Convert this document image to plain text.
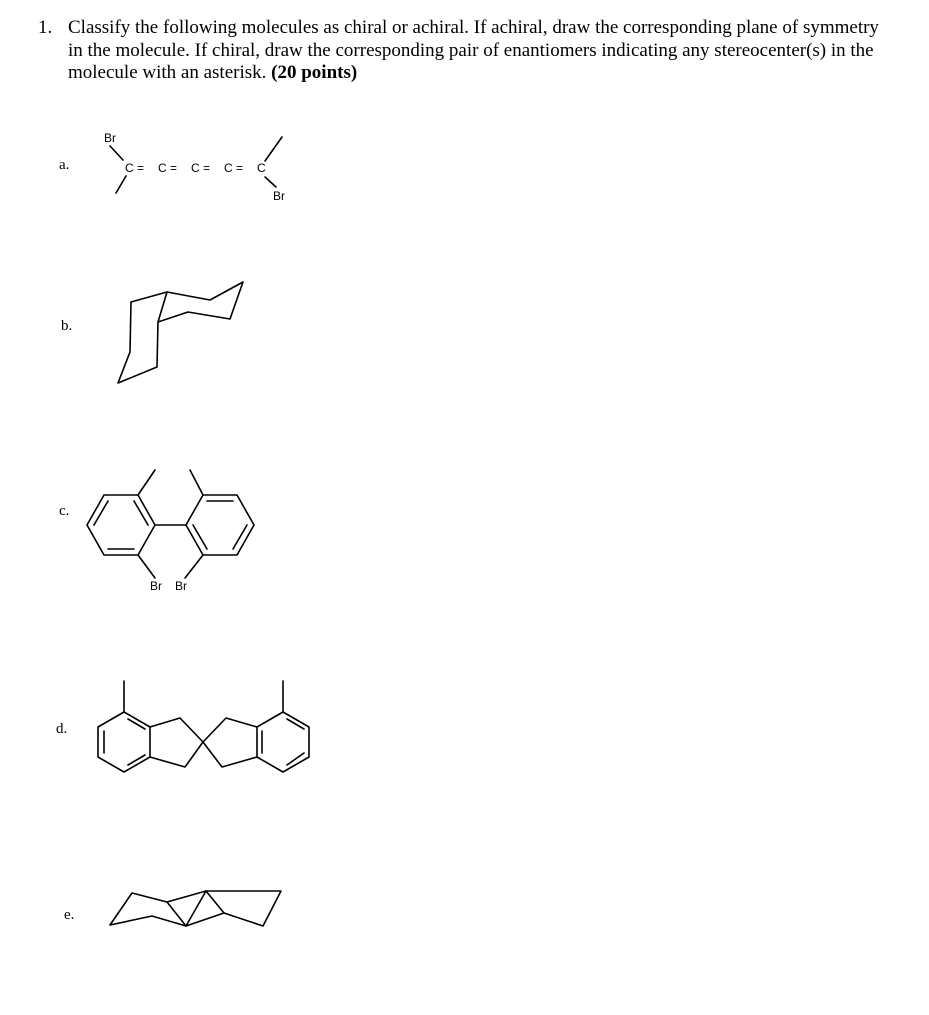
1. Classify the following molecules as chiral or achiral. If achiral, draw the corresponding plane of symmetry in the molecule. If chiral, draw the corresponding pair of enantiomers indicating any stereocenter(s) in the molecule with an asterisk. (20 points)
a.
b.
c.
d.
e.
Br
C = C = C = C = C
Br
Br Br
